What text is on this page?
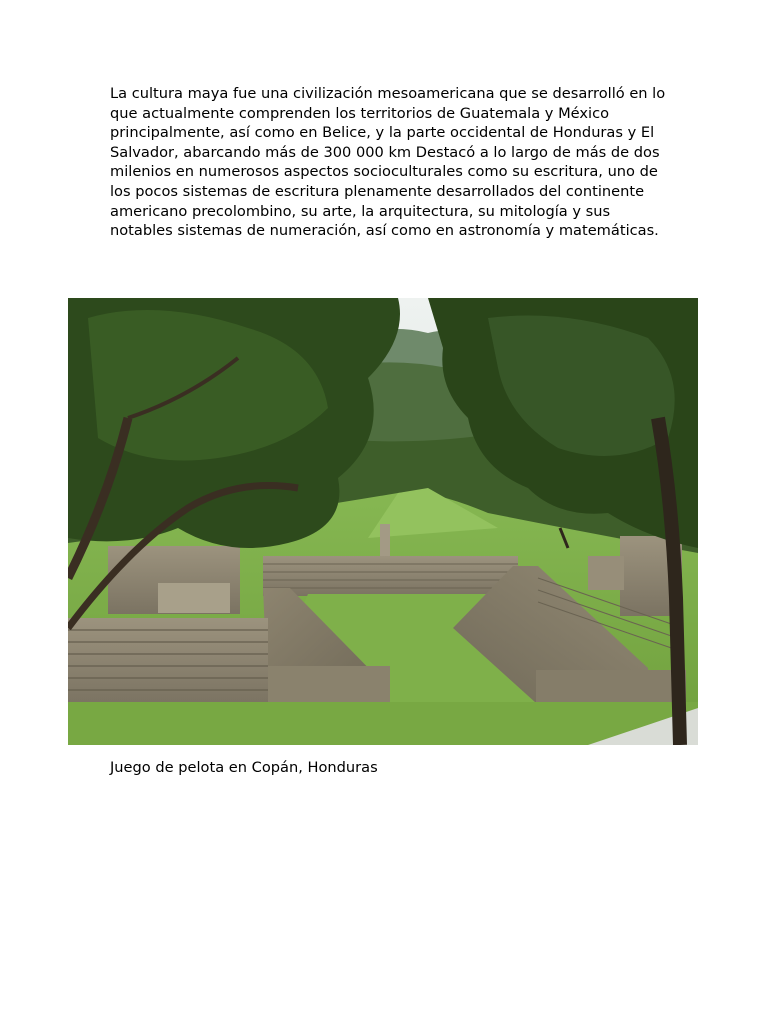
La cultura maya fue una civilización mesoamericana que se desarrolló en lo que actualmente comprenden los territorios de Guatemala y México principalmente, así como en Belice, y la parte occidental de Honduras y El Salvador, abarcando más de 300 000 km Destacó a lo largo de más de dos milenios en numerosos aspectos socioculturales como su escritura, uno de los pocos sistemas de escritura plenamente desarrollados del continente americano precolombino, su arte, la arquitectura, su mitología y sus notables sistemas de numeración, así como en astronomía y matemáticas.

Juego de pelota en Copán, Honduras
